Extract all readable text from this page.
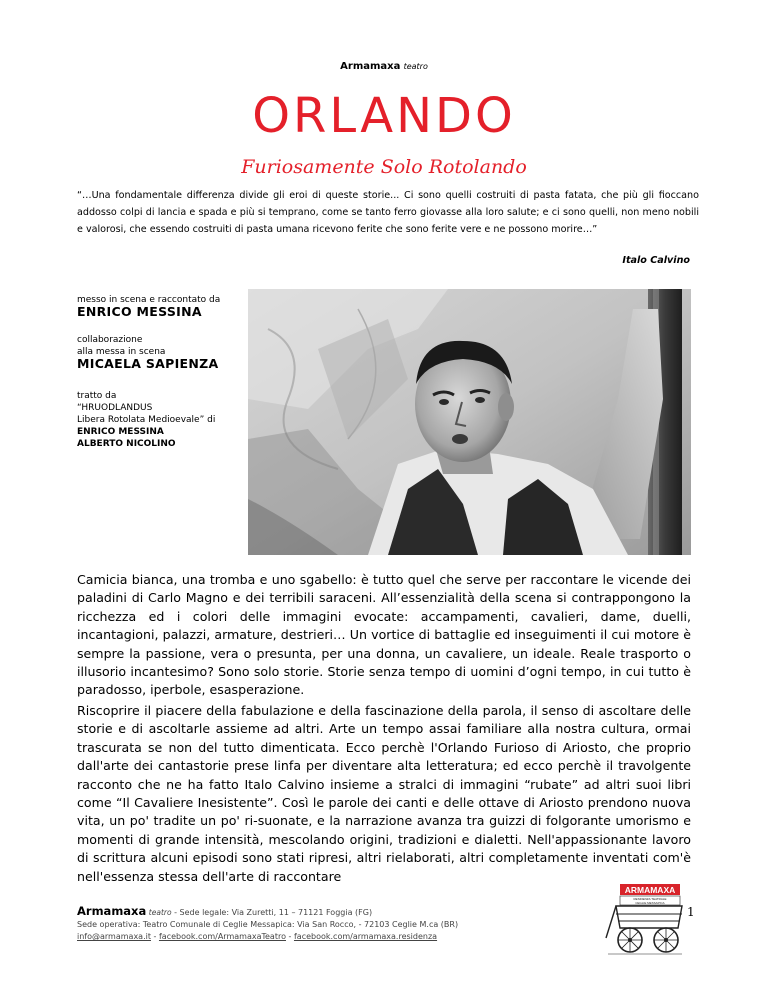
Armamaxa teatro
ORLANDO
Furiosamente Solo Rotolando
“…Una fondamentale differenza divide gli eroi di queste storie... Ci sono quelli costruiti di pasta fatata, che più gli fioccano addosso colpi di lancia e spada e più si temprano, come se tanto ferro giovasse alla loro salute; e ci sono quelli, non meno nobili e valorosi, che essendo costruiti di pasta umana ricevono ferite che sono ferite vere e ne possono morire…”
Italo Calvino
messo in scena e raccontato da
ENRICO MESSINA
collaborazione
alla messa in scena
MICAELA SAPIENZA
tratto da
“HRUODLANDUS
Libera Rotolata Medioevale” di
ENRICO MESSINA
ALBERTO NICOLINO
Camicia bianca, una tromba e uno sgabello: è tutto quel che serve per raccontare le vicende dei paladini di Carlo Magno e dei terribili saraceni. All’essenzialità della scena si contrappongono la ricchezza ed i colori delle immagini evocate: accampamenti, cavalieri, dame, duelli, incantagioni, palazzi, armature, destrieri… Un vortice di battaglie ed inseguimenti il cui motore è sempre la passione, vera o presunta, per una donna, un cavaliere, un ideale. Reale trasporto o illusorio incantesimo? Sono solo storie. Storie senza tempo di uomini d’ogni tempo, in cui tutto è paradosso, iperbole, esasperazione.
Riscoprire il piacere della fabulazione e della fascinazione della parola, il senso di ascoltare delle storie e di ascoltarle assieme ad altri. Arte un tempo assai familiare alla nostra cultura, ormai trascurata se non del tutto dimenticata. Ecco perchè l'Orlando Furioso di Ariosto, che proprio dall'arte dei cantastorie prese linfa per diventare alta letteratura; ed ecco perchè il travolgente racconto che ne ha fatto Italo Calvino insieme a stralci di immagini “rubate” ad altri suoi libri come “Il Cavaliere Inesistente”. Così le parole dei canti e delle ottave di Ariosto prendono nuova vita, un po' tradite un po' ri-suonate, e la narrazione avanza tra guizzi di folgorante umorismo e momenti di grande intensità, mescolando origini, tradizioni e dialetti. Nell'appassionante lavoro di scrittura alcuni episodi sono stati ripresi, altri rielaborati, altri completamente inventati com'è nell'essenza stessa dell'arte di raccontare
Armamaxa teatro - Sede legale: Via Zuretti, 11 – 71121 Foggia (FG)
Sede operativa: Teatro Comunale di Ceglie Messapica: Via San Rocco, - 72103 Ceglie M.ca (BR)
info@armamaxa.it - facebook.com/ArmamaxaTeatro - facebook.com/armamaxa.residenza
ARMAMAXA
RESIDENZA TEATRALE
CEGLIE MESSAPICA
1
